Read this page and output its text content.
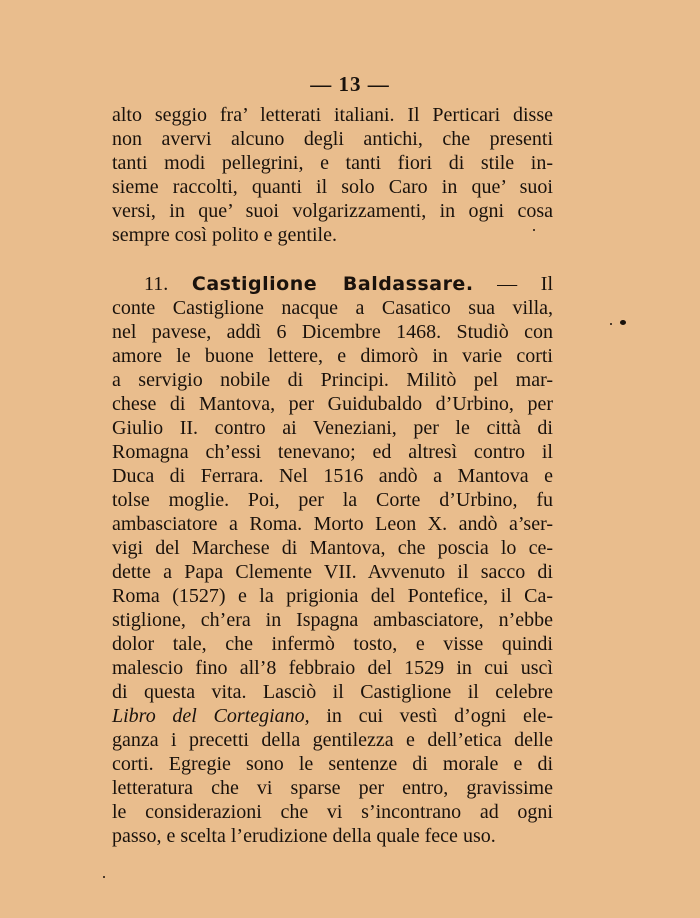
— 13 —
alto seggio fra’ letterati italiani. Il Perticari disse
non avervi alcuno degli antichi, che presenti
tanti modi pellegrini, e tanti fiori di stile in-
sieme raccolti, quanti il solo Caro in que’ suoi
versi, in que’ suoi volgarizzamenti, in ogni cosa
sempre così polito e gentile.
11. Castiglione Baldassare. — Il
conte Castiglione nacque a Casatico sua villa,
nel pavese, addì 6 Dicembre 1468. Studiò con
amore le buone lettere, e dimorò in varie corti
a servigio nobile di Principi. Militò pel mar-
chese di Mantova, per Guidubaldo d’Urbino, per
Giulio II. contro ai Veneziani, per le città di
Romagna ch’essi tenevano; ed altresì contro il
Duca di Ferrara. Nel 1516 andò a Mantova e
tolse moglie. Poi, per la Corte d’Urbino, fu
ambasciatore a Roma. Morto Leon X. andò a’ser-
vigi del Marchese di Mantova, che poscia lo ce-
dette a Papa Clemente VII. Avvenuto il sacco di
Roma (1527) e la prigionia del Pontefice, il Ca-
stiglione, ch’era in Ispagna ambasciatore, n’ebbe
dolor tale, che infermò tosto, e visse quindi
malescio fino all’8 febbraio del 1529 in cui uscì
di questa vita. Lasciò il Castiglione il celebre
Libro del Cortegiano, in cui vestì d’ogni ele-
ganza i precetti della gentilezza e dell’etica delle
corti. Egregie sono le sentenze di morale e di
letteratura che vi sparse per entro, gravissime
le considerazioni che vi s’incontrano ad ogni
passo, e scelta l’erudizione della quale fece uso.
